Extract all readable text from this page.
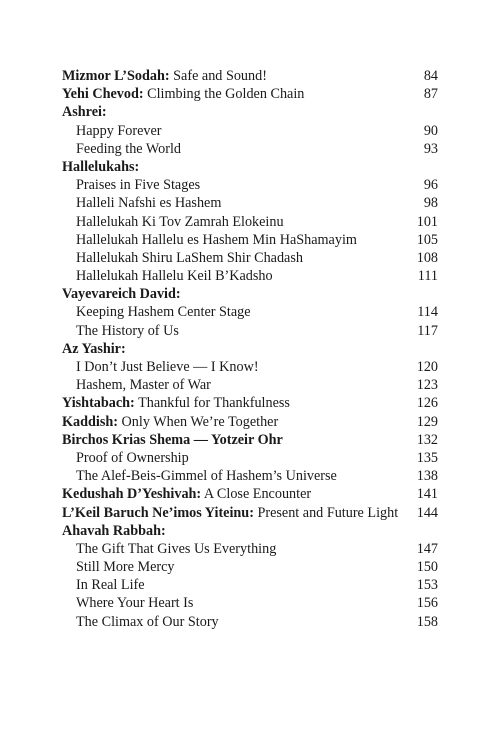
Mizmor L’Sodah: Safe and Sound!	84
Yehi Chevod: Climbing the Golden Chain	87
Ashrei:
Happy Forever	90
Feeding the World	93
Hallelukahs:
Praises in Five Stages	96
Halleli Nafshi es Hashem	98
Hallelukah Ki Tov Zamrah Elokeinu	101
Hallelukah Hallelu es Hashem Min HaShamayim	105
Hallelukah Shiru LaShem Shir Chadash	108
Hallelukah Hallelu Keil B’Kadsho	111
Vayevareich David:
Keeping Hashem Center Stage	114
The History of Us	117
Az Yashir:
I Don’t Just Believe — I Know!	120
Hashem, Master of War	123
Yishtabach: Thankful for Thankfulness	126
Kaddish: Only When We’re Together	129
Birchos Krias Shema — Yotzeir Ohr	132
Proof of Ownership	135
The Alef-Beis-Gimmel of Hashem’s Universe	138
Kedushah D’Yeshivah: A Close Encounter	141
L’Keil Baruch Ne’imos Yiteinu: Present and Future Light	144
Ahavah Rabbah:
The Gift That Gives Us Everything	147
Still More Mercy	150
In Real Life	153
Where Your Heart Is	156
The Climax of Our Story	158
